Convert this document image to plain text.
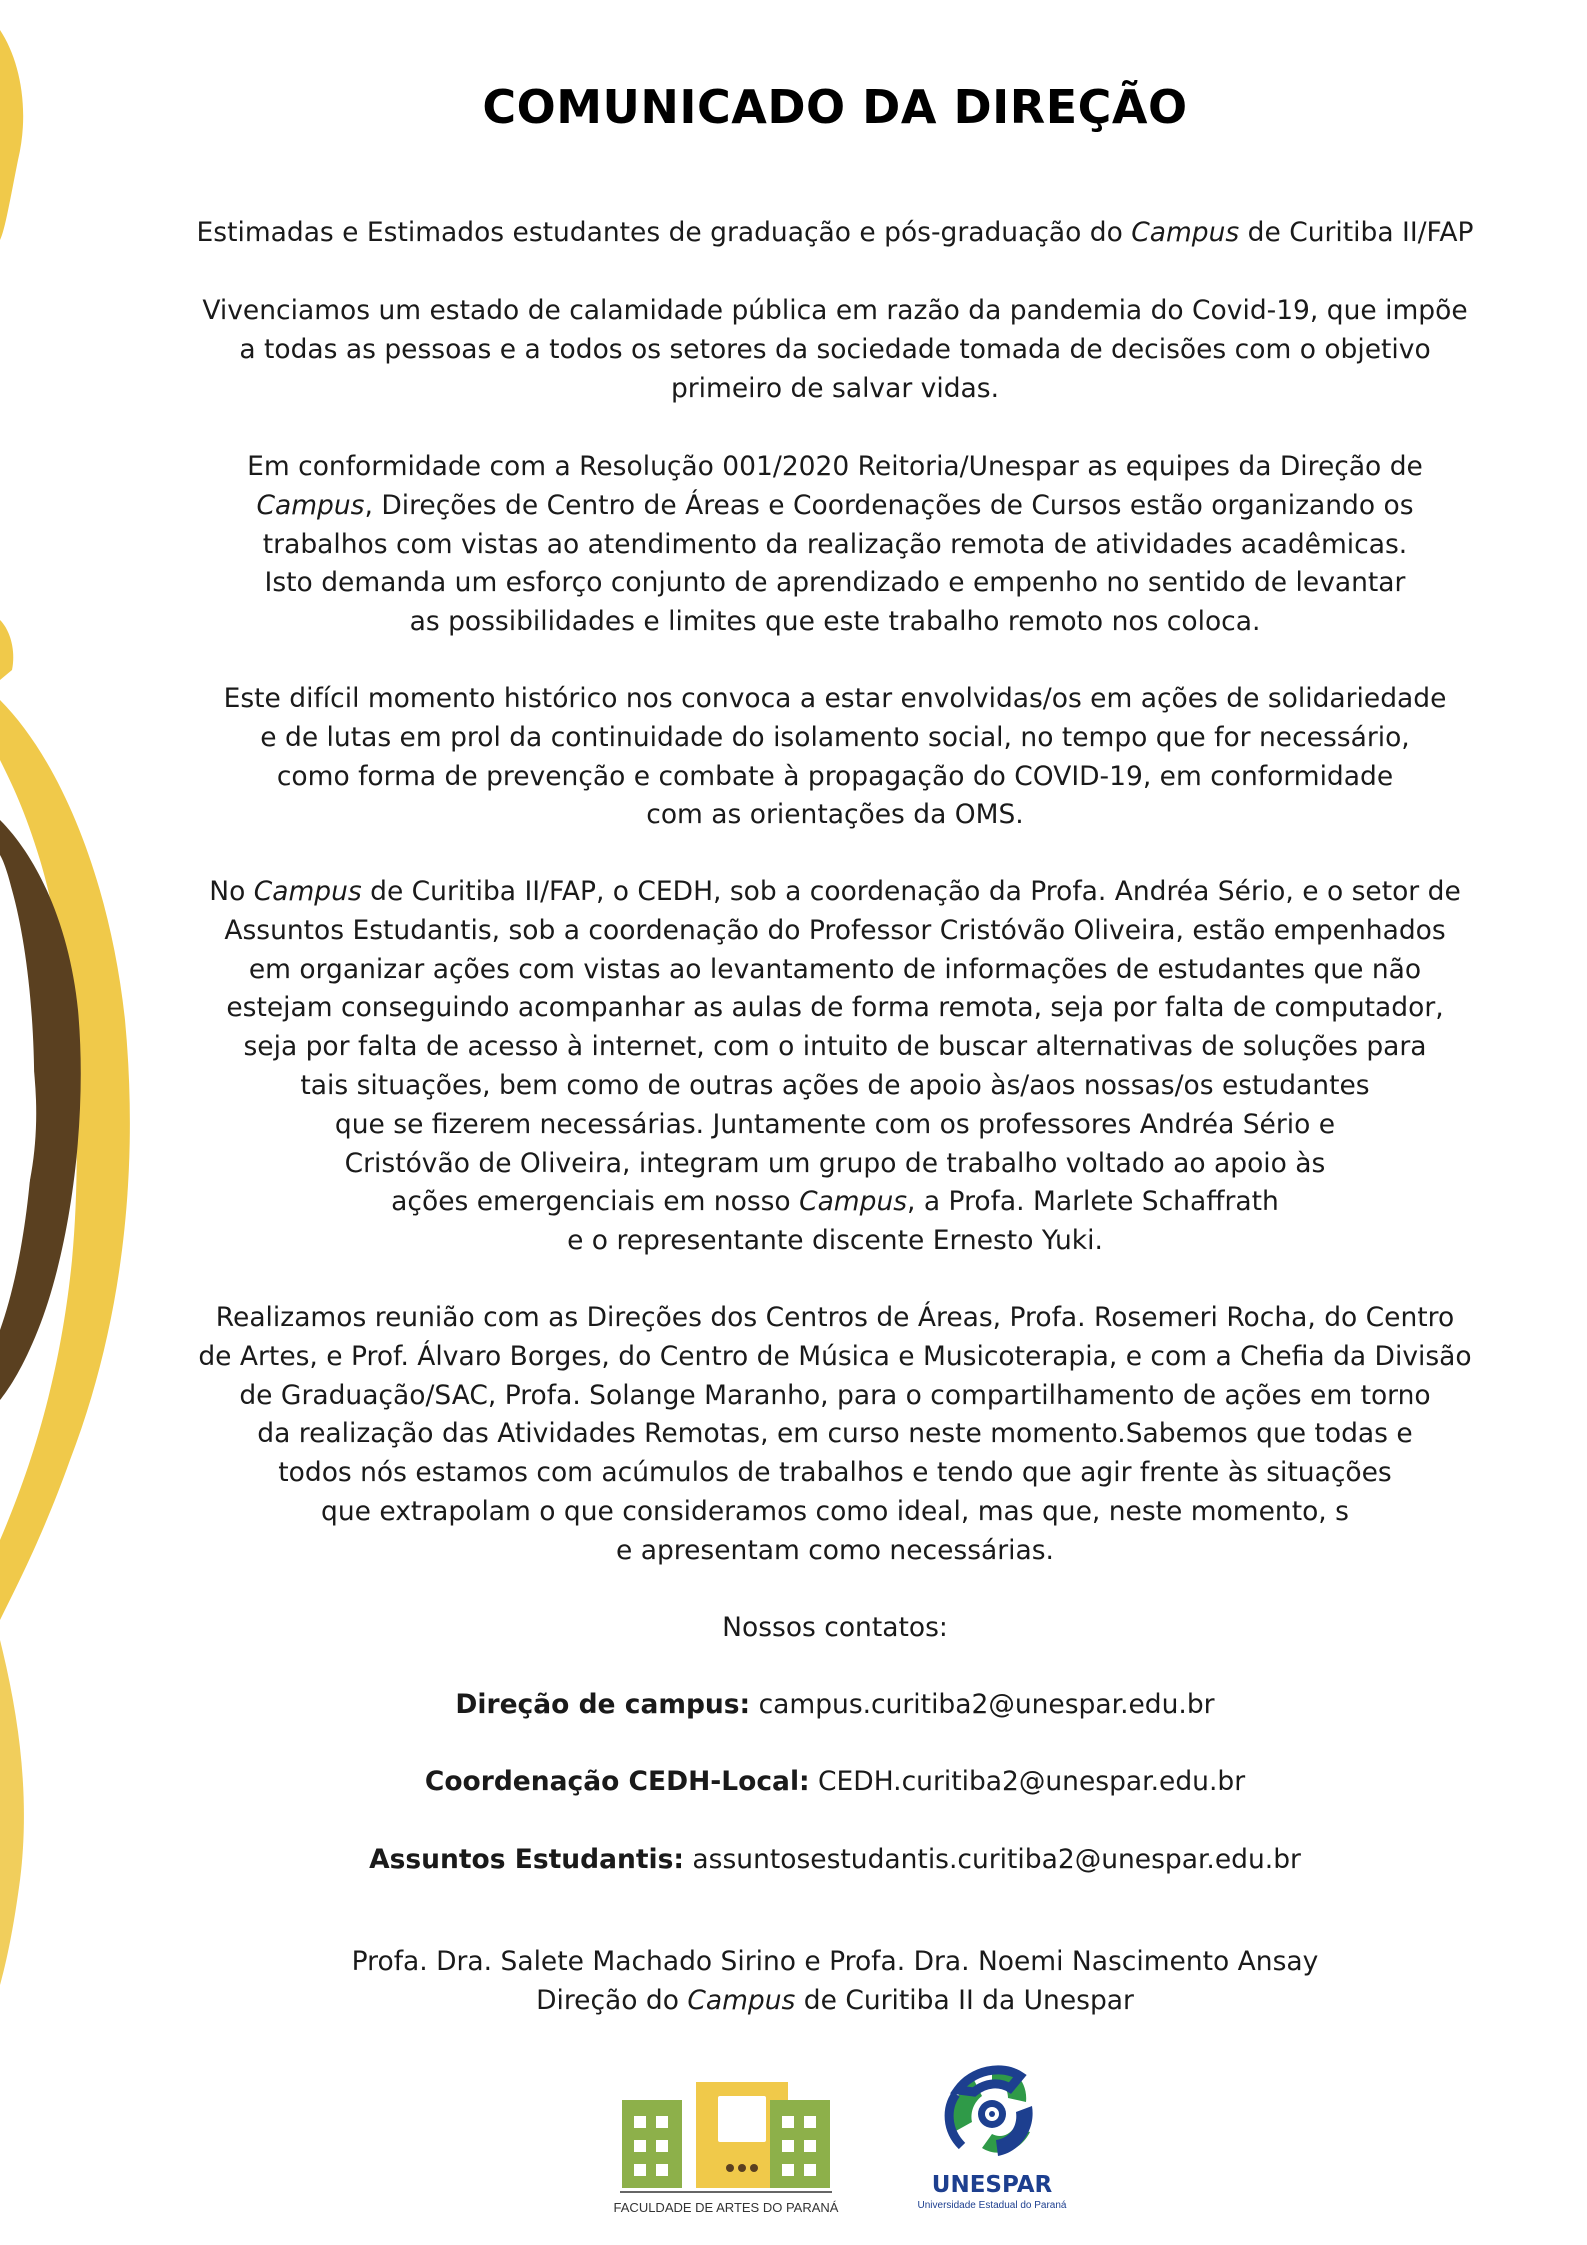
COMUNICADO DA DIREÇÃO

Estimadas e Estimados estudantes de graduação e pós-graduação do Campus de Curitiba II/FAP

Vivenciamos um estado de calamidade pública em razão da pandemia do Covid-19, que impõe
a todas as pessoas e a todos os setores da sociedade tomada de decisões com o objetivo
primeiro de salvar vidas.

Em conformidade com a Resolução 001/2020 Reitoria/Unespar as equipes da Direção de
Campus, Direções de Centro de Áreas e Coordenações de Cursos estão organizando os
trabalhos com vistas ao atendimento da realização remota de atividades acadêmicas.
Isto demanda um esforço conjunto de aprendizado e empenho no sentido de levantar
as possibilidades e limites que este trabalho remoto nos coloca.

Este difícil momento histórico nos convoca a estar envolvidas/os em ações de solidariedade
e de lutas em prol da continuidade do isolamento social, no tempo que for necessário,
como forma de prevenção e combate à propagação do COVID-19, em conformidade
com as orientações da OMS.

No Campus de Curitiba II/FAP, o CEDH, sob a coordenação da Profa. Andréa Sério, e o setor de
Assuntos Estudantis, sob a coordenação do Professor Cristóvão Oliveira, estão empenhados
em organizar ações com vistas ao levantamento de informações de estudantes que não
estejam conseguindo acompanhar as aulas de forma remota, seja por falta de computador,
seja por falta de acesso à internet, com o intuito de buscar alternativas de soluções para
tais situações, bem como de outras ações de apoio às/aos nossas/os estudantes
que se fizerem necessárias. Juntamente com os professores Andréa Sério e
Cristóvão de Oliveira, integram um grupo de trabalho voltado ao apoio às
ações emergenciais em nosso Campus, a Profa. Marlete Schaffrath
e o representante discente Ernesto Yuki.

Realizamos reunião com as Direções dos Centros de Áreas, Profa. Rosemeri Rocha, do Centro
de Artes, e Prof. Álvaro Borges, do Centro de Música e Musicoterapia, e com a Chefia da Divisão
de Graduação/SAC, Profa. Solange Maranho, para o compartilhamento de ações em torno
da realização das Atividades Remotas, em curso neste momento.Sabemos que todas e
todos nós estamos com acúmulos de trabalhos e tendo que agir frente às situações
que extrapolam o que consideramos como ideal, mas que, neste momento, s
e apresentam como necessárias.

Nossos contatos:
Direção de campus: campus.curitiba2@unespar.edu.br
Coordenação CEDH-Local: CEDH.curitiba2@unespar.edu.br
Assuntos Estudantis: assuntosestudantis.curitiba2@unespar.edu.br

Profa. Dra. Salete Machado Sirino e Profa. Dra. Noemi Nascimento Ansay
Direção do Campus de Curitiba II da Unespar

FACULDADE DE ARTES DO PARANÁ
UNESPAR
Universidade Estadual do Paraná
